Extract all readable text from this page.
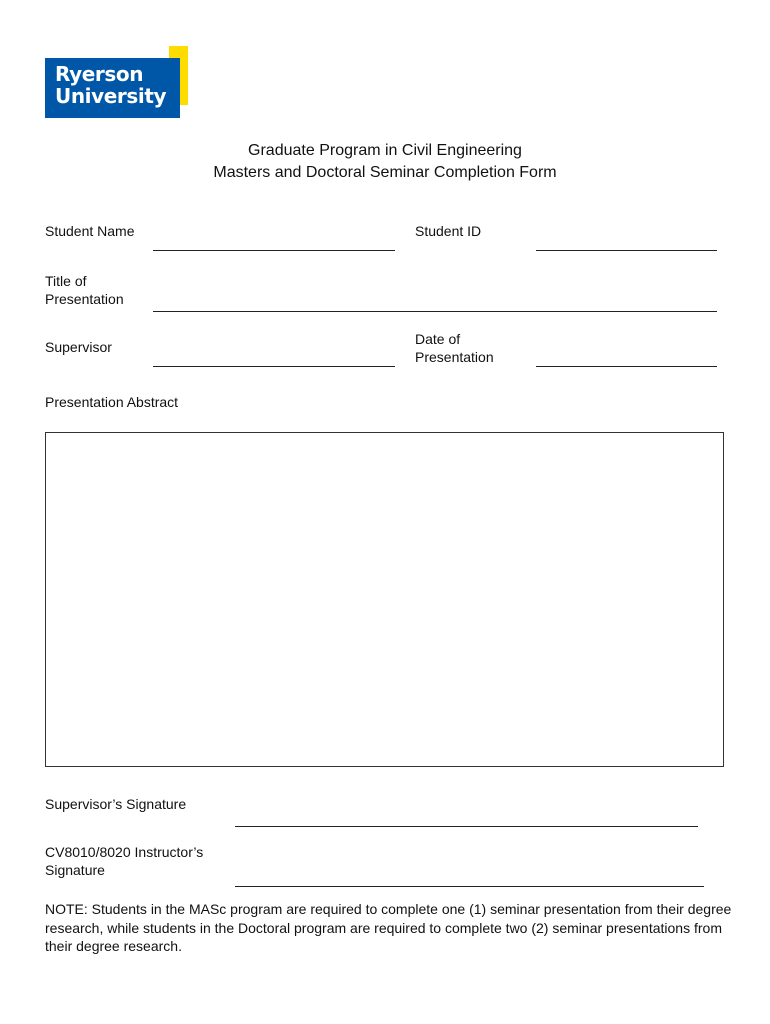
Ryerson
University
Graduate Program in Civil Engineering
Masters and Doctoral Seminar Completion Form
Student Name	Student ID
Title of
Presentation
Supervisor	Date of
Presentation
Presentation Abstract
Supervisor’s Signature
CV8010/8020 Instructor’s
Signature
NOTE: Students in the MASc program are required to complete one (1) seminar presentation from their degree research, while students in the Doctoral program are required to complete two (2) seminar presentations from their degree research.
